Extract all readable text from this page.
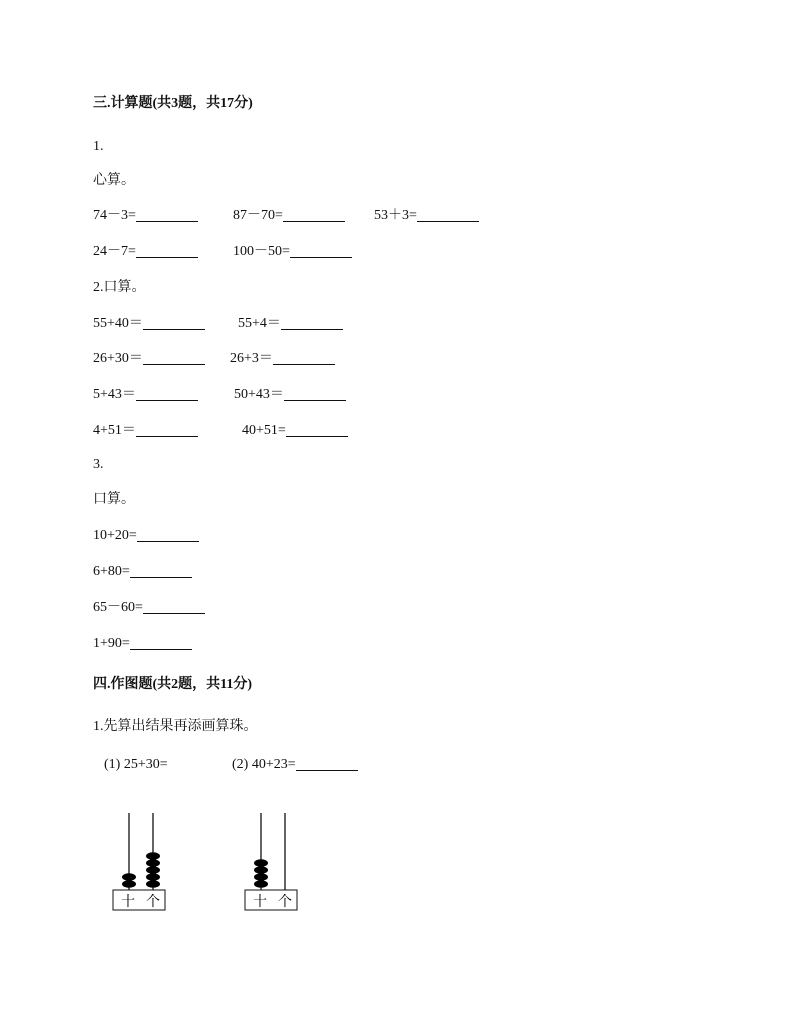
三.计算题(共3题，共17分)
1.
心算。
74－3=	87－70=	53＋3=
24－7=	100－50=
2.口算。
55+40＝	55+4＝
26+30＝	26+3＝
5+43＝	50+43＝
4+51＝	40+51=
3.
口算。
10+20=
6+80=
65－60=
1+90=
四.作图题(共2题，共11分)
1.先算出结果再添画算珠。
(1) 25+30=	(2) 40+23=
十 个	十 个
